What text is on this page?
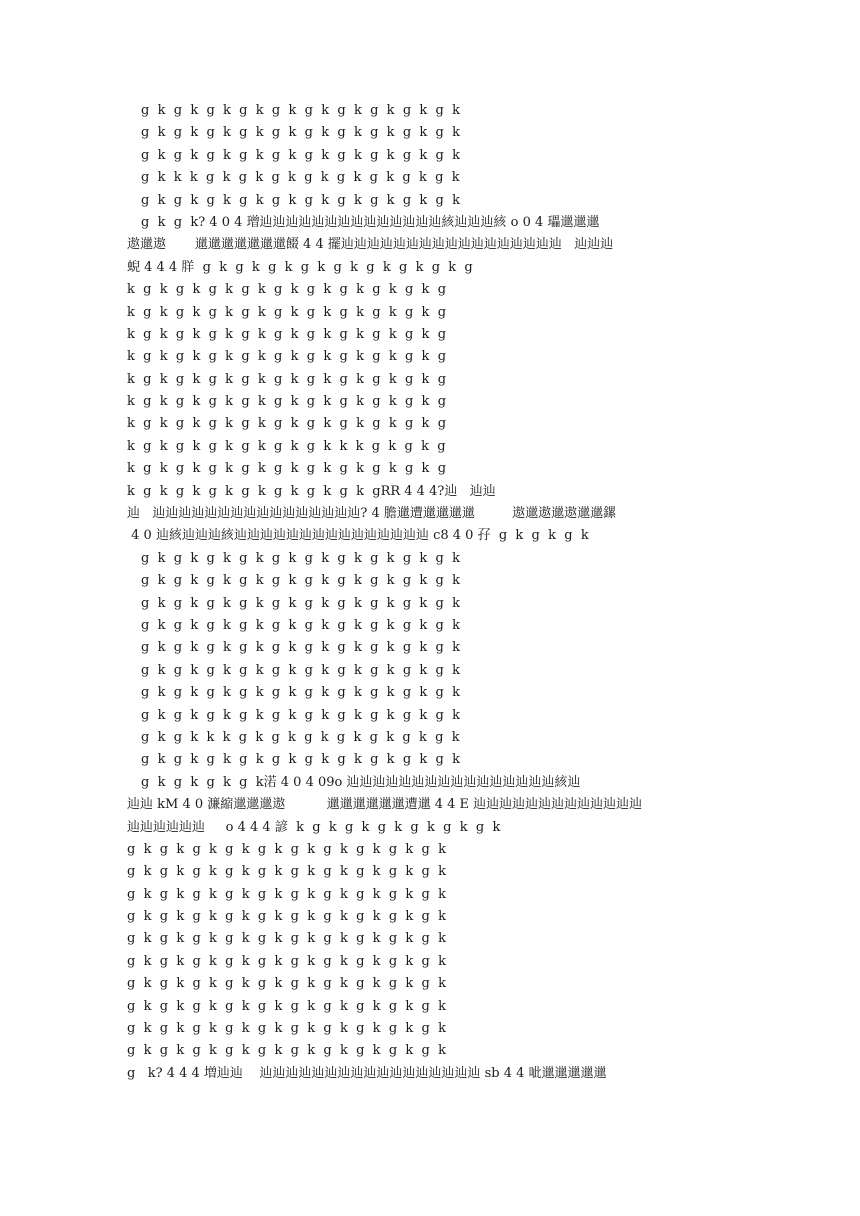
g  k  g  k  g  k  g  k  g  k  g  k  g  k  g  k  g  k  g  k
g  k  g  k  g  k  g  k  g  k  g  k  g  k  g  k  g  k  g  k
g  k  g  k  g  k  g  k  g  k  g  k  g  k  g  k  g  k  g  k
g  k  k  k  g  k  g  k  g  k  g  k  g  k  g  k  g  k  g  k
g  k  g  k  g  k  g  k  g  k  g  k  g  k  g  k  g  k  g  k
g  k  g  k? 4 0 4 璔辿辿辿辿辿辿辿辿辿辿辿辿辿辿絯辿辿辿絯 o 0 4 瓃邋邋邋
遨邋遨       邋邋邋邋邋邋邋餟 4 4 擺辿辿辿辿辿辿辿辿辿辿辿辿辿辿辿辿辿   辿辿辿
蜺 4 4 4 羘  g  k  g  k  g  k  g  k  g  k  g  k  g  k  g  k  g
k  g  k  g  k  g  k  g  k  g  k  g  k  g  k  g  k  g  k  g
k  g  k  g  k  g  k  g  k  g  k  g  k  g  k  g  k  g  k  g
k  g  k  g  k  g  k  g  k  g  k  g  k  g  k  g  k  g  k  g
k  g  k  g  k  g  k  g  k  g  k  g  k  g  k  g  k  g  k  g
k  g  k  g  k  g  k  g  k  g  k  g  k  g  k  g  k  g  k  g
k  g  k  g  k  g  k  g  k  g  k  g  k  g  k  g  k  g  k  g
k  g  k  g  k  g  k  g  k  g  k  g  k  g  k  g  k  g  k  g
k  g  k  g  k  g  k  g  k  g  k  g  k  k  k  g  k  g  k  g
k  g  k  g  k  g  k  g  k  g  k  g  k  g  k  g  k  g  k  g
k  g  k  g  k  g  k  g  k  g  k  g  k  g  k  gRR 4 4 4?辿   辿辿
辿   辿辿辿辿辿辿辿辿辿辿辿辿辿辿辿辿? 4 膽邋遭邋邋邋邋         遨邋遨邋遨邋邋鏍
4 0 辿絯辿辿辿絯辿辿辿辿辿辿辿辿辿辿辿辿辿辿辿 c8 4 0 孖  g  k  g  k  g  k
g  k  g  k  g  k  g  k  g  k  g  k  g  k  g  k  g  k  g  k
g  k  g  k  g  k  g  k  g  k  g  k  g  k  g  k  g  k  g  k
g  k  g  k  g  k  g  k  g  k  g  k  g  k  g  k  g  k  g  k
g  k  g  k  g  k  g  k  g  k  g  k  g  k  g  k  g  k  g  k
g  k  g  k  g  k  g  k  g  k  g  k  g  k  g  k  g  k  g  k
g  k  g  k  g  k  g  k  g  k  g  k  g  k  g  k  g  k  g  k
g  k  g  k  g  k  g  k  g  k  g  k  g  k  g  k  g  k  g  k
g  k  g  k  g  k  g  k  g  k  g  k  g  k  g  k  g  k  g  k
g  k  g  k  k  k  g  k  g  k  g  k  g  k  g  k  g  k  g  k
g  k  g  k  g  k  g  k  g  k  g  k  g  k  g  k  g  k  g  k
g  k  g  k  g  k  g  k渃 4 0 4 09o 辿辿辿辿辿辿辿辿辿辿辿辿辿辿辿辿絯辿
辿辿 kM 4 0 濂縮邋邋邋遨          邋邋邋邋邋邋遭邋 4 4 E 辿辿辿辿辿辿辿辿辿辿辿辿辿
辿辿辿辿辿辿     o 4 4 4 諺  k  g  k  g  k  g  k  g  k  g  k  g  k
g  k  g  k  g  k  g  k  g  k  g  k  g  k  g  k  g  k  g  k
g  k  g  k  g  k  g  k  g  k  g  k  g  k  g  k  g  k  g  k
g  k  g  k  g  k  g  k  g  k  g  k  g  k  g  k  g  k  g  k
g  k  g  k  g  k  g  k  g  k  g  k  g  k  g  k  g  k  g  k
g  k  g  k  g  k  g  k  g  k  g  k  g  k  g  k  g  k  g  k
g  k  g  k  g  k  g  k  g  k  g  k  g  k  g  k  g  k  g  k
g  k  g  k  g  k  g  k  g  k  g  k  g  k  g  k  g  k  g  k
g  k  g  k  g  k  g  k  g  k  g  k  g  k  g  k  g  k  g  k
g  k  g  k  g  k  g  k  g  k  g  k  g  k  g  k  g  k  g  k
g  k  g  k  g  k  g  k  g  k  g  k  g  k  g  k  g  k  g  k
g   k? 4 4 4 増辿辿    辿辿辿辿辿辿辿辿辿辿辿辿辿辿辿辿辿 sb 4 4 呲邋邋邋邋邋
